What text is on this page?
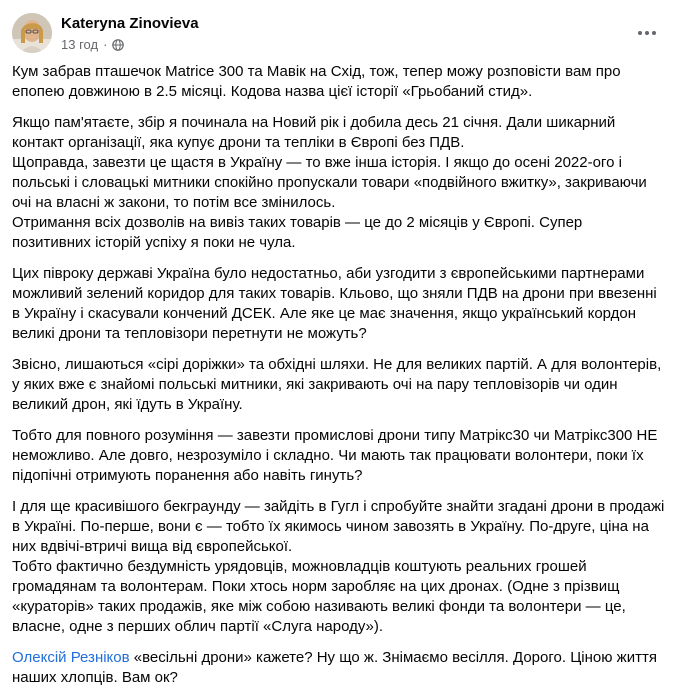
Kateryna Zinovieva
13 год ·

Кум забрав пташечок Matrice 300 та Мавік на Схід, тож, тепер можу розповісти вам про епопею довжиною в 2.5 місяці. Кодова назва цієї історії «Грьобаний стид».

Якщо пам'ятаєте, збір я починала на Новий рік і добила десь 21 січня. Дали шикарний контакт організації, яка купує дрони та тепліки в Європі без ПДВ.
Щоправда, завезти це щастя в Україну — то вже інша історія. І якщо до осені 2022-ого і польські і словацькі митники спокійно пропускали товари «подвійного вжитку», закриваючи очі на власні ж закони, то потім все змінилось.
Отримання всіх дозволів на вивіз таких товарів — це до 2 місяців у Європі. Супер позитивних історій успіху я поки не чула.

Цих півроку державі Україна було недостатньо, аби узгодити з європейськими партнерами можливий зелений коридор для таких товарів. Кльово, що зняли ПДВ на дрони при ввезенні в Україну і скасували кончений ДСЕК. Але яке це має значення, якщо український кордон великі дрони та тепловізори перетнути не можуть?

Звісно, лишаються «сірі доріжки» та обхідні шляхи. Не для великих партій. А для волонтерів, у яких вже є знайомі польські митники, які закривають очі на пару тепловізорів чи один великий дрон, які їдуть в Україну.

Тобто для повного розуміння — завезти промислові дрони типу Матрікс30 чи Матрікс300 НЕ неможливо. Але довго, незрозуміло і складно. Чи мають так працювати волонтери, поки їх підопічні отримують поранення або навіть гинуть?

І для ще красивішого бекграунду — зайдіть в Гугл і спробуйте знайти згадані дрони в продажі в Україні. По-перше, вони є — тобто їх якимось чином завозять в Україну. По-друге, ціна на них вдвічі-втричі вища від європейської.
Тобто фактично бездумність урядовців, можновладців коштують реальних грошей громадянам та волонтерам. Поки хтось норм заробляє на цих дронах. (Одне з прізвищ «кураторів» таких продажів, яке між собою називають великі фонди та волонтери — це, власне, одне з перших облич партії «Слуга народу»).

Олексій Резніков «весільні дрони» кажете? Ну що ж. Знімаємо весілля. Дорого. Ціною життя наших хлопців. Вам ок?
